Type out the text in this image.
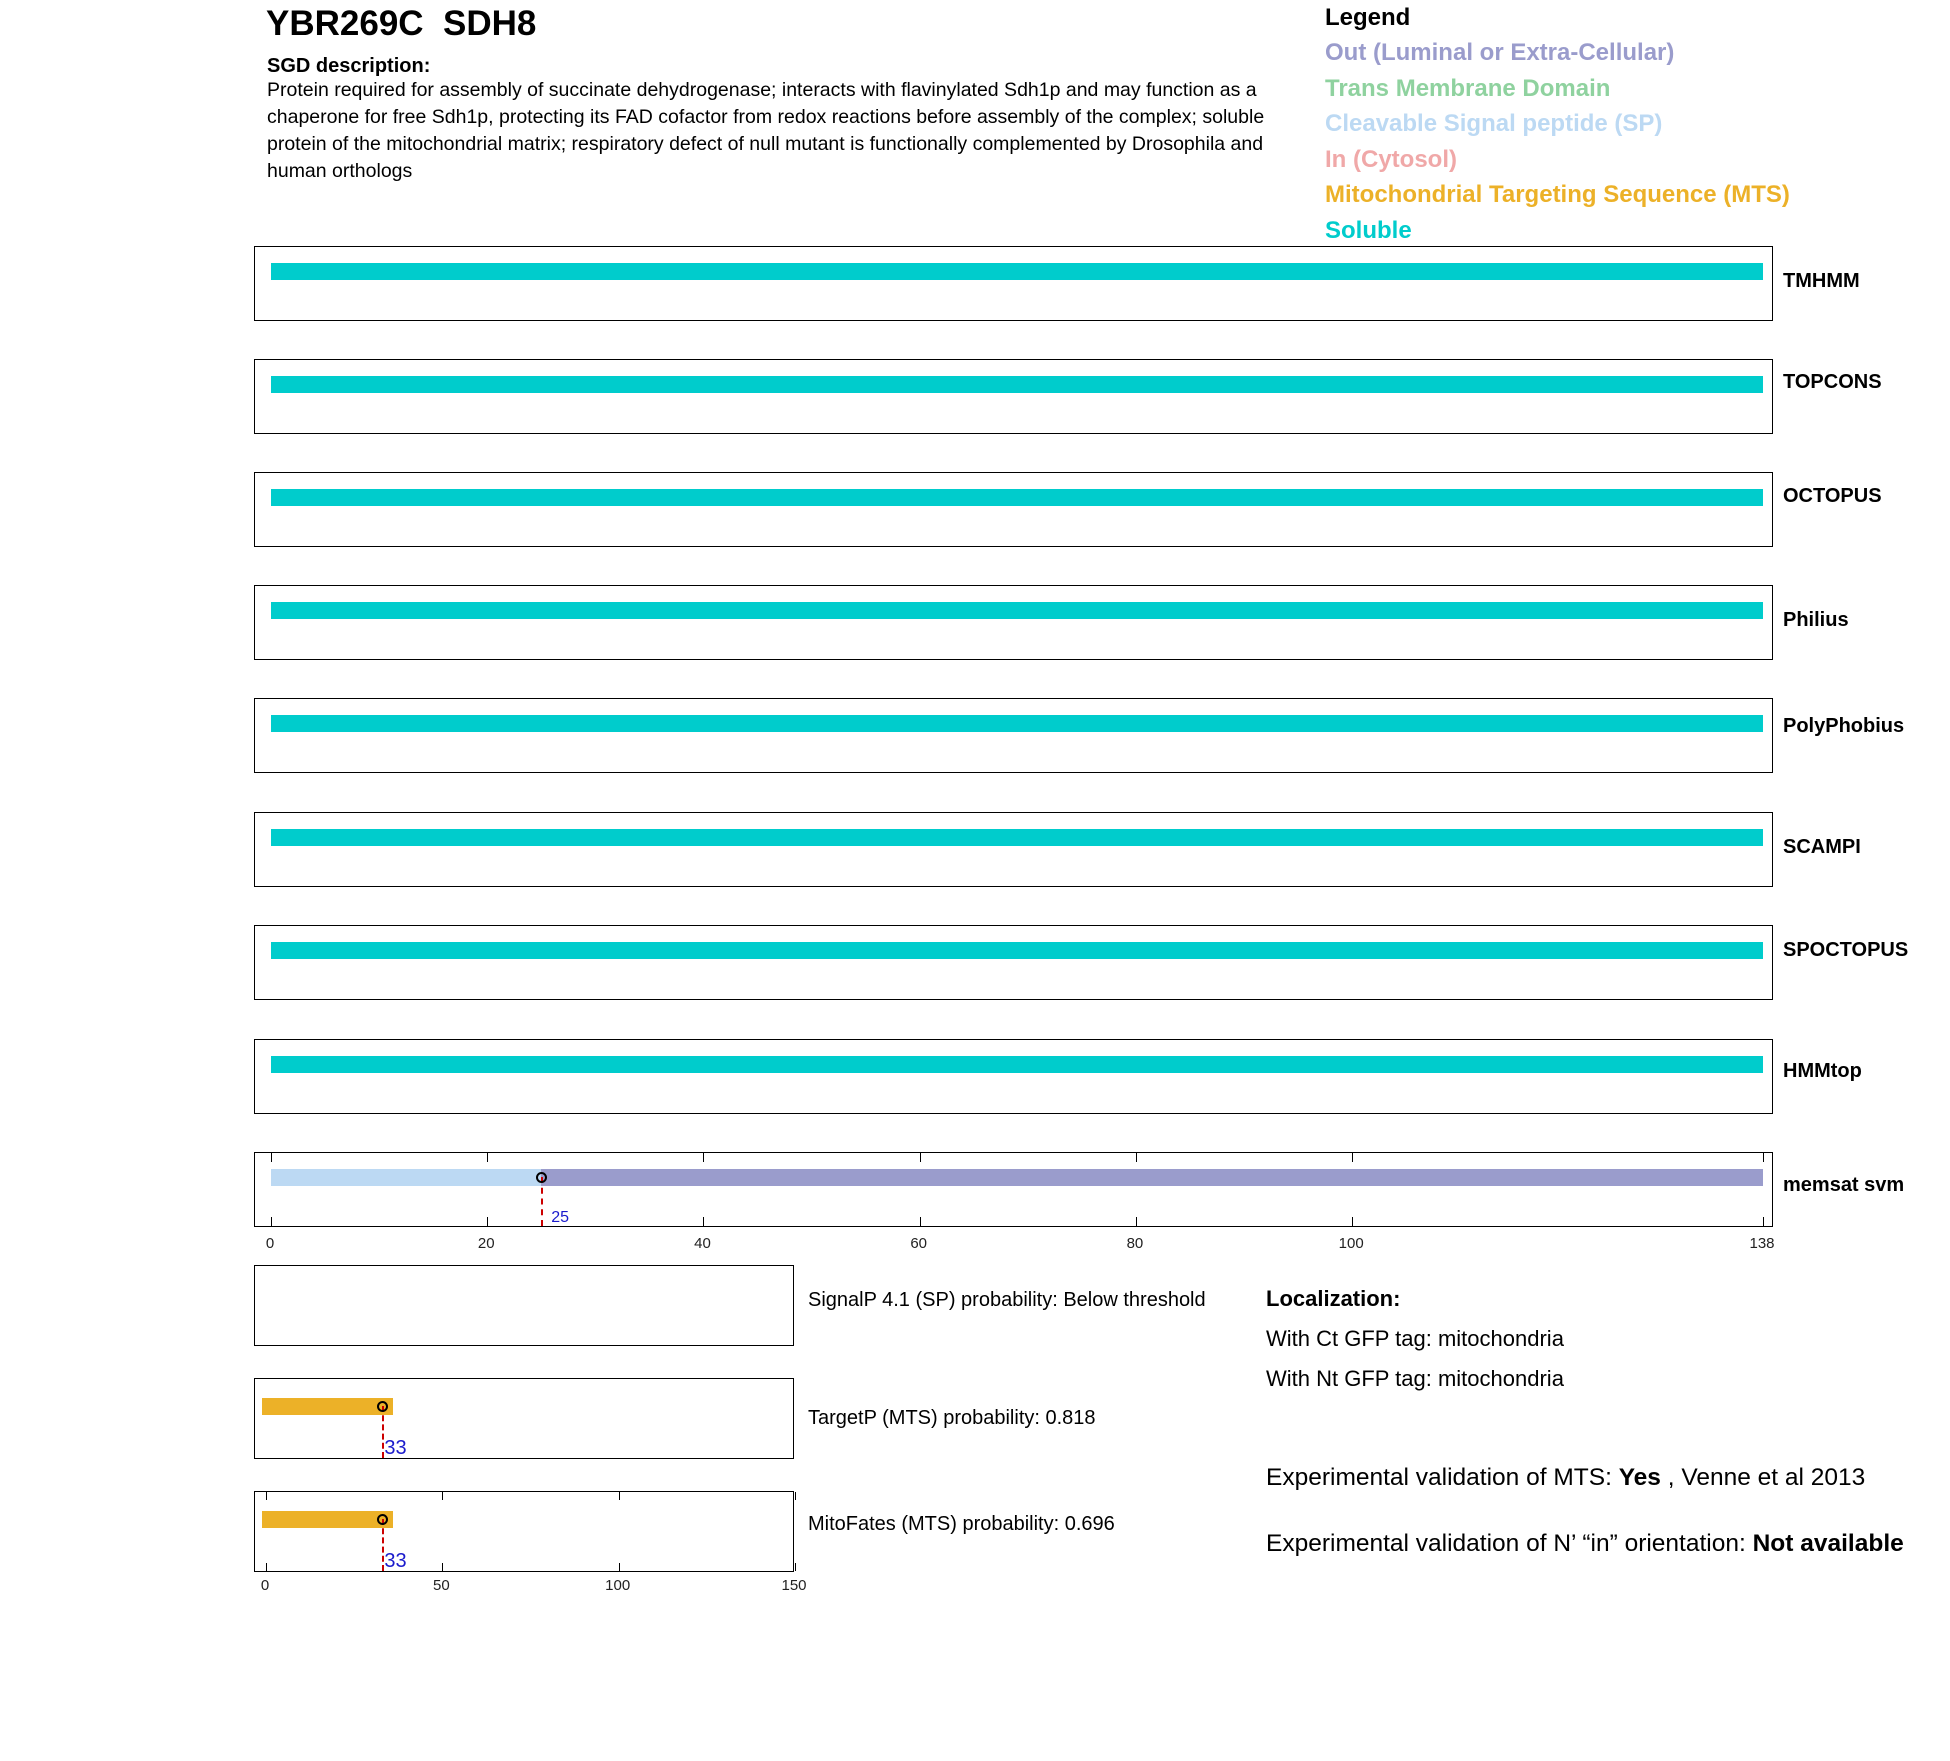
YBR269C SDH8
SGD description:
Protein required for assembly of succinate dehydrogenase; interacts with flavinylated Sdh1p and may function as a chaperone for free Sdh1p, protecting its FAD cofactor from redox reactions before assembly of the complex; soluble protein of the mitochondrial matrix; respiratory defect of null mutant is functionally complemented by Drosophila and human orthologs
Legend
Out (Luminal or Extra-Cellular)
Trans Membrane Domain
Cleavable Signal peptide (SP)
In (Cytosol)
Mitochondrial Targeting Sequence (MTS)
Soluble
TMHMM
TOPCONS
OCTOPUS
Philius
PolyPhobius
SCAMPI
SPOCTOPUS
HMMtop
25
memsat svm
0	20	40	60	80	100	138
SignalP 4.1 (SP) probability: Below threshold
33
TargetP (MTS) probability: 0.818
33
MitoFates (MTS) probability: 0.696
0	50	100	150
Localization:
With Ct GFP tag: mitochondria
With Nt GFP tag: mitochondria
Experimental validation of MTS: Yes , Venne et al 2013
Experimental validation of N’ “in” orientation: Not available
